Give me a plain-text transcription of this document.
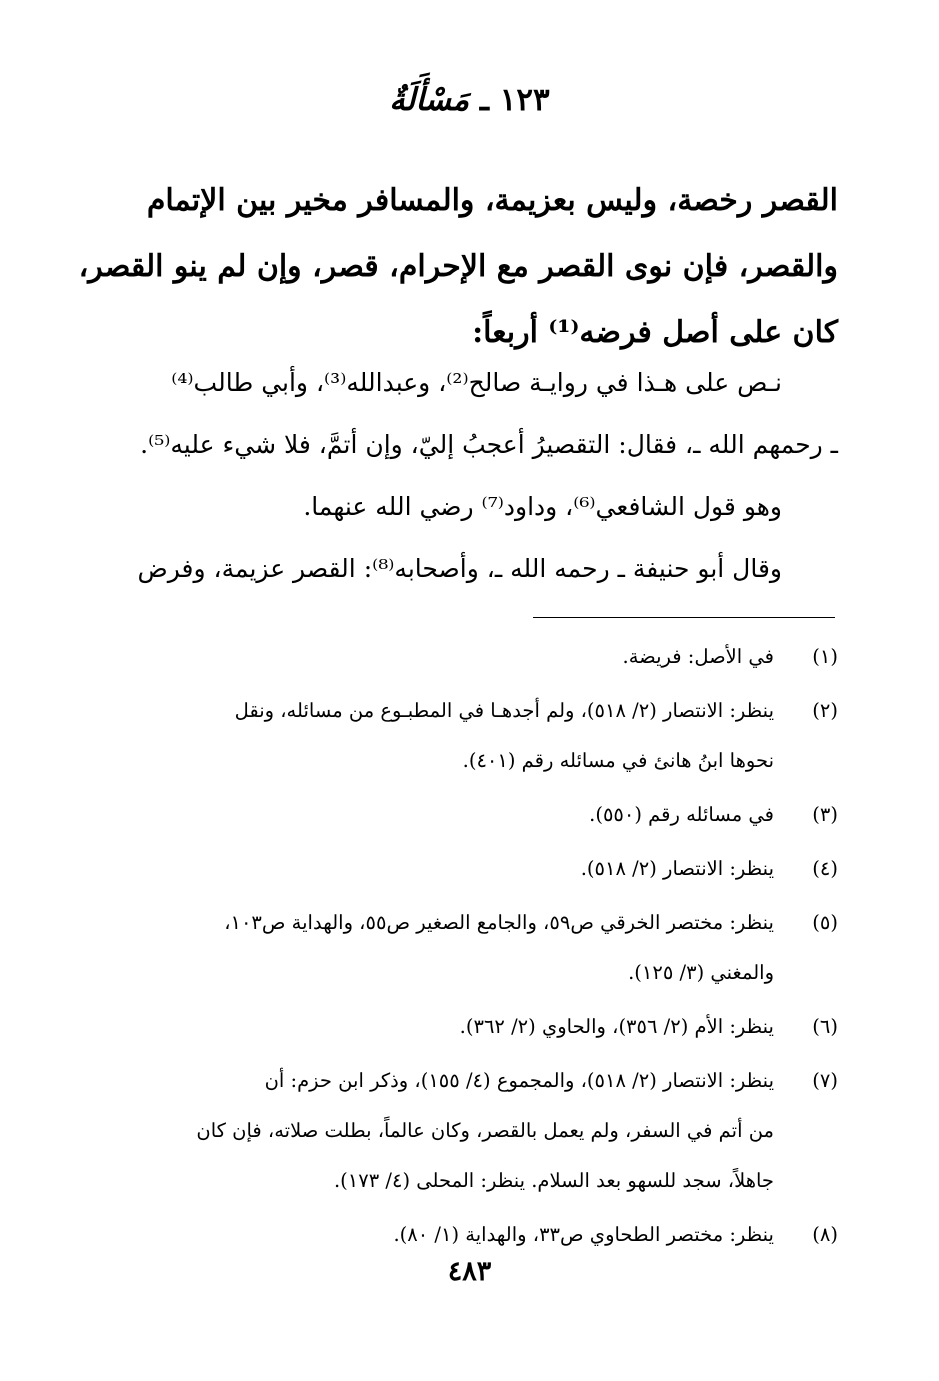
١٢٣ ـ مَسْأَلَةٌ
القصر رخصة، وليس بعزيمة، والمسافر مخير بين الإتمام
والقصر، فإن نوى القصر مع الإحرام، قصر، وإن لم ينو القصر،
كان على أصل فرضه⁽¹⁾ أربعاً:
نـص على هـذا في روايـة صالح⁽²⁾، وعبدالله⁽³⁾، وأبي طالب⁽⁴⁾
ـ رحمهم الله ـ، فقال: التقصيرُ أعجبُ إليّ، وإن أتمَّ، فلا شيء عليه⁽⁵⁾.
وهو قول الشافعي⁽⁶⁾، وداود⁽⁷⁾ رضي الله عنهما.
وقال أبو حنيفة ـ رحمه الله ـ، وأصحابه⁽⁸⁾: القصر عزيمة، وفرض
(١)
في الأصل: فريضة.
(٢)
ينظر: الانتصار (٢/ ٥١٨)، ولم أجدهـا في المطبـوع من مسائله، ونقل
نحوها ابنُ هانئ في مسائله رقم (٤٠١).
(٣)
في مسائله رقم (٥٥٠).
(٤)
ينظر: الانتصار (٢/ ٥١٨).
(٥)
ينظر: مختصر الخرقي ص٥٩، والجامع الصغير ص٥٥، والهداية ص١٠٣،
والمغني (٣/ ١٢٥).
(٦)
ينظر: الأم (٢/ ٣٥٦)، والحاوي (٢/ ٣٦٢).
(٧)
ينظر: الانتصار (٢/ ٥١٨)، والمجموع (٤/ ١٥٥)، وذكر ابن حزم: أن
من أتم في السفر، ولم يعمل بالقصر، وكان عالماً، بطلت صلاته، فإن كان
جاهلاً، سجد للسهو بعد السلام. ينظر: المحلى (٤/ ١٧٣).
(٨)
ينظر: مختصر الطحاوي ص٣٣، والهداية (١/ ٨٠).
٤٨٣
